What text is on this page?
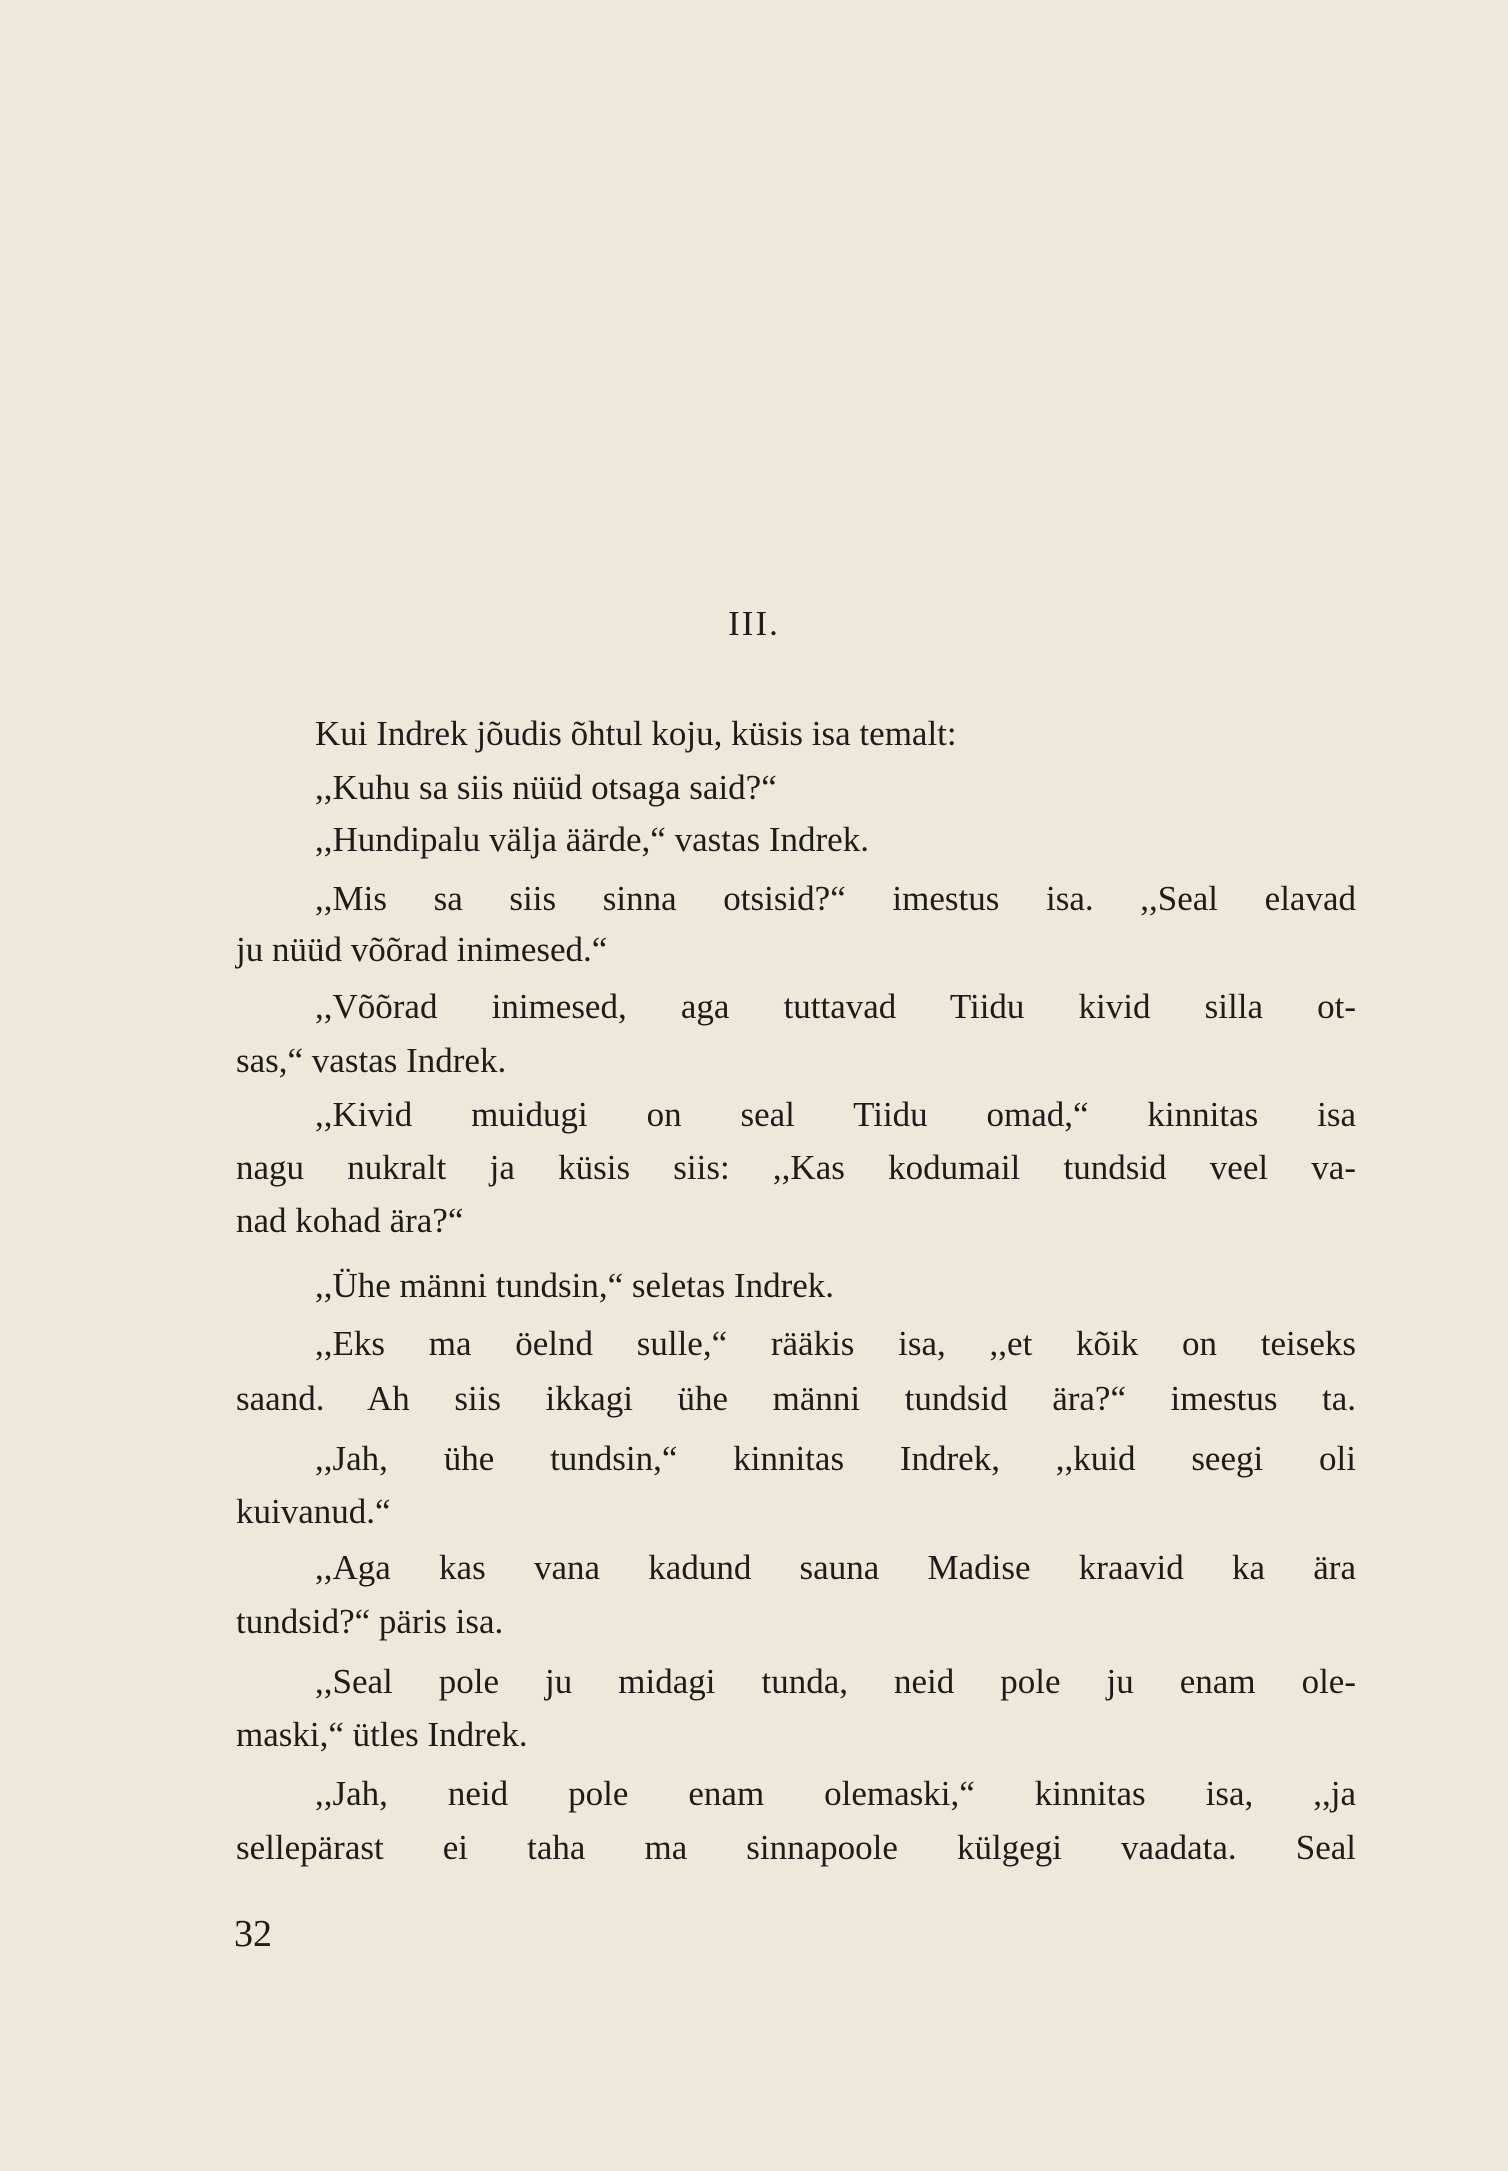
III.

Kui Indrek jõudis õhtul koju, küsis isa temalt:

,,Kuhu sa siis nüüd otsaga said?“

,,Hundipalu välja äärde,“ vastas Indrek.

,,Mis sa siis sinna otsisid?“ imestus isa. ,,Seal elavad

ju nüüd võõrad inimesed.“

,,Võõrad inimesed, aga tuttavad Tiidu kivid silla ot-

sas,“ vastas Indrek.

,,Kivid muidugi on seal Tiidu omad,“ kinnitas isa

nagu nukralt ja küsis siis: ,,Kas kodumail tundsid veel va-

nad kohad ära?“

,,Ühe männi tundsin,“ seletas Indrek.

,,Eks ma öelnd sulle,“ rääkis isa, ,,et kõik on teiseks

saand. Ah siis ikkagi ühe männi tundsid ära?“ imestus ta.

,,Jah, ühe tundsin,“ kinnitas Indrek, ,,kuid seegi oli

kuivanud.“

,,Aga kas vana kadund sauna Madise kraavid ka ära

tundsid?“ päris isa.

,,Seal pole ju midagi tunda, neid pole ju enam ole-

maski,“ ütles Indrek.

,,Jah, neid pole enam olemaski,“ kinnitas isa, ,,ja

sellepärast ei taha ma sinnapoole külgegi vaadata. Seal

32
